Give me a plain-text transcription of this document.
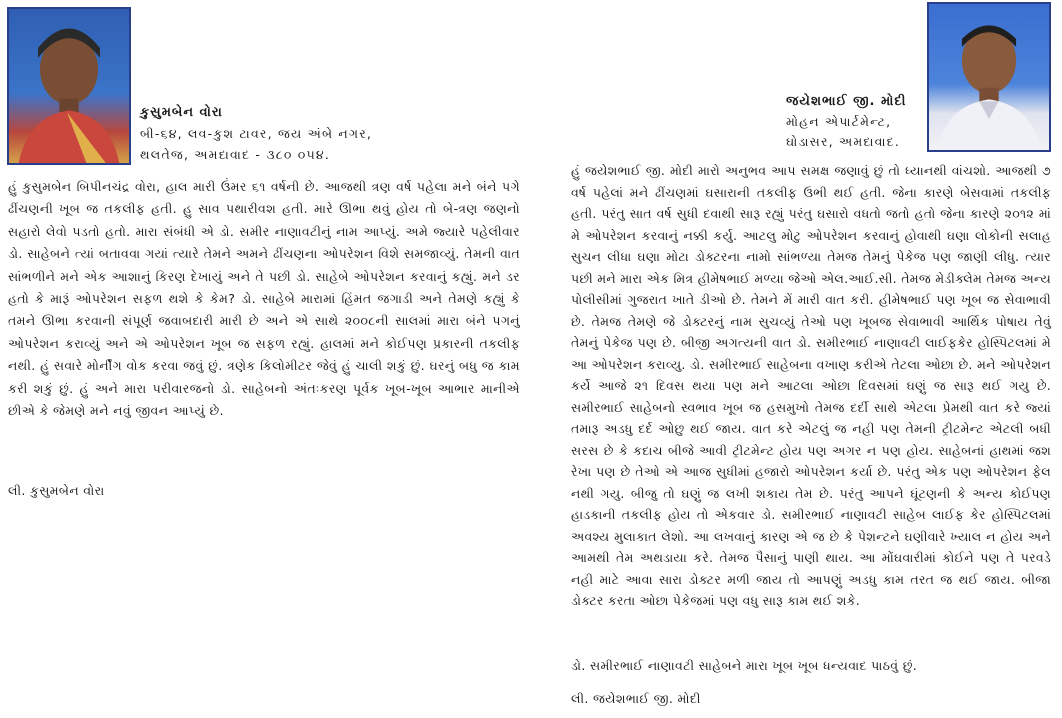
કુસુમબેન વોરા
બી-૬૪, લવ-કુશ ટાવર, જય અંબે નગર,
થલતેજ, અમદાવાદ - ૩૮૦ ૦૫૪.
હું કુસુમબેન બિપીનચંદ્ર વોરા, હાલ મારી ઉંમર ૬૧ વર્ષની છે. આજથી ત્રણ વર્ષ પહેલા મને બંને પગે ઢીંચણની ખૂબ જ તકલીફ હતી. હુ સાવ પથારીવશ હતી. મારે ઊભા થવું હોય તો બે-ત્રણ જણનો સહારો લેવો પડતો હતો. મારા સંબંધી એ ડો. સમીર નાણાવટીનું નામ આપ્યું. અમે જ્યારે પહેલીવાર ડો. સાહેબને ત્યાં બતાવવા ગયાં ત્યારે તેમને અમને ઢીંચણના ઓપરેશન વિશે સમજાવ્યું. તેમની વાત સાંભળીને મને એક આશાનું કિરણ દેખાયું અને તે પછી ડો. સાહેબે ઓપરેશન કરવાનું કહ્યું. મને ડર હતો કે મારૂં ઓપરેશન સફળ થશે કે કેમ? ડો. સાહેબે મારામાં હિંમત જગાડી અને તેમણે કહ્યું કે તમને ઊભા કરવાની સંપૂર્ણ જવાબદારી મારી છે અને એ સાથે ૨૦૦૮ની સાલમાં મારા બંને પગનું ઓપરેશન કરાવ્યું અને એ ઓપરેશન ખૂબ જ સફળ રહ્યું. હાલમાં મને કોઈપણ પ્રકારની તકલીફ નથી. હું સવારે મોર્નીંગ વોક કરવા જવું છું. ત્રણેક કિલોમીટર જેવું હું ચાલી શકું છું. ઘરનું બધુ જ કામ કરી શકું છું. હું અને મારા પરીવારજનો ડો. સાહેબનો અંતઃકરણ પૂર્વક ખૂબ-ખૂબ આભાર માનીએ છીએ કે જેમણે મને નવું જીવન આપ્યું છે.
લી. કુસુમબેન વોરા
જયેશભાઈ જી. મોદી
મોહન એપાર્ટમેન્ટ,
ઘોડાસર, અમદાવાદ.
હું જયેશભાઈ જી. મોદી મારો અનુભવ આપ સમક્ષ જણાવું છું તો ધ્યાનથી વાંચશો. આજથી ૭ વર્ષ પહેલાં મને ઢીંચણમાં ઘસારાની તકલીફ ઉભી થઈ હતી. જેના કારણે બેસવામાં તકલીફ હતી. પરંતુ સાત વર્ષ સુધી દવાથી સારૂ રહ્યું પરંતુ ઘસારો વધતો જતો હતો જેના કારણે ૨૦૧૨ માં મે ઓપરેશન કરવાનું નક્કી કર્યુ. આટલુ મોટુ ઓપરેશન કરવાનું હોવાથી ઘણા લોકોની સલાહ સુચન લીધા ઘણા મોટા ડોક્ટરના નામો સાંભળ્યા તેમજ તેમનું પેકેજ પણ જાણી લીધુ. ત્યાર પછી મને મારા એક મિત્ર હીમેષભાઈ મળ્યા જેઓ એલ.આઈ.સી. તેમજ મેડીક્લેમ તેમજ અન્ય પોલીસીમાં ગુજરાત ખાતે ડીઓ છે. તેમને મેં મારી વાત કરી. હીમેષભાઈ પણ ખૂબ જ સેવાભાવી છે. તેમજ તેમણે જે ડોક્ટરનું નામ સુચવ્યું તેઓ પણ ખૂબજ સેવાભાવી આર્થિક પોષાય તેવું તેમનું પેકેજ પણ છે. બીજી અગત્યની વાત ડો. સમીરભાઈ નાણાવટી લાઈફકેર હોસ્પિટલમાં મે આ ઓપરેશન કરાવ્યુ. ડો. સમીરભાઈ સાહેબના વખાણ કરીએ તેટલા ઓછા છે. મને ઓપરેશન કર્યે આજે ૨૧ દિવસ થયા પણ મને આટલા ઓછા દિવસમાં ઘણું જ સારૂ થઈ ગયુ છે. સમીરભાઈ સાહેબનો સ્વભાવ ખૂબ જ હસમુખો તેમજ દર્દી સાથે એટલા પ્રેમથી વાત કરે જ્યાં તમારૂ અડધુ દર્દ ઓછુ થઈ જાય. વાત કરે એટલું જ નહી પણ તેમની ટ્રીટમેન્ટ એટલી બધી સરસ છે કે કદાચ બીજે આવી ટ્રીટમેન્ટ હોય પણ અગર ન પણ હોય. સાહેબનાં હાથમાં જશ રેખા પણ છે તેઓ એ આજ સુધીમાં હજારો ઓપરેશન કર્યા છે. પરંતુ એક પણ ઓપરેશન ફેલ નથી ગયુ. બીજુ તો ઘણું જ લખી શકાય તેમ છે. પરંતુ આપને ઘૂંટણની કે અન્ય કોઈપણ હાડકાની તકલીફ હોય તો એકવાર ડો. સમીરભાઈ નાણાવટી સાહેબ લાઈફ કેર હોસ્પિટલમાં અવશ્ય મુલાકાત લેશો. આ લખવાનું કારણ એ જ છે કે પેશન્ટને ઘણીવારે ખ્યાલ ન હોય અને આમથી તેમ અથડાયા કરે. તેમજ પૈસાનું પાણી થાય. આ મોંઘવારીમાં કોઈને પણ તે પરવડે નહી માટે આવા સારા ડોક્ટર મળી જાય તો આપણું અડધુ કામ તરત જ થઈ જાય. બીજા ડોક્ટર કરતા ઓછા પેકેજમાં પણ વધુ સારૂ કામ થઈ શકે.
ડો. સમીરભાઈ નાણાવટી સાહેબને મારા ખૂબ ખૂબ ધન્યવાદ પાઠવું છું.
લી. જયેશભાઈ જી. મોદી
